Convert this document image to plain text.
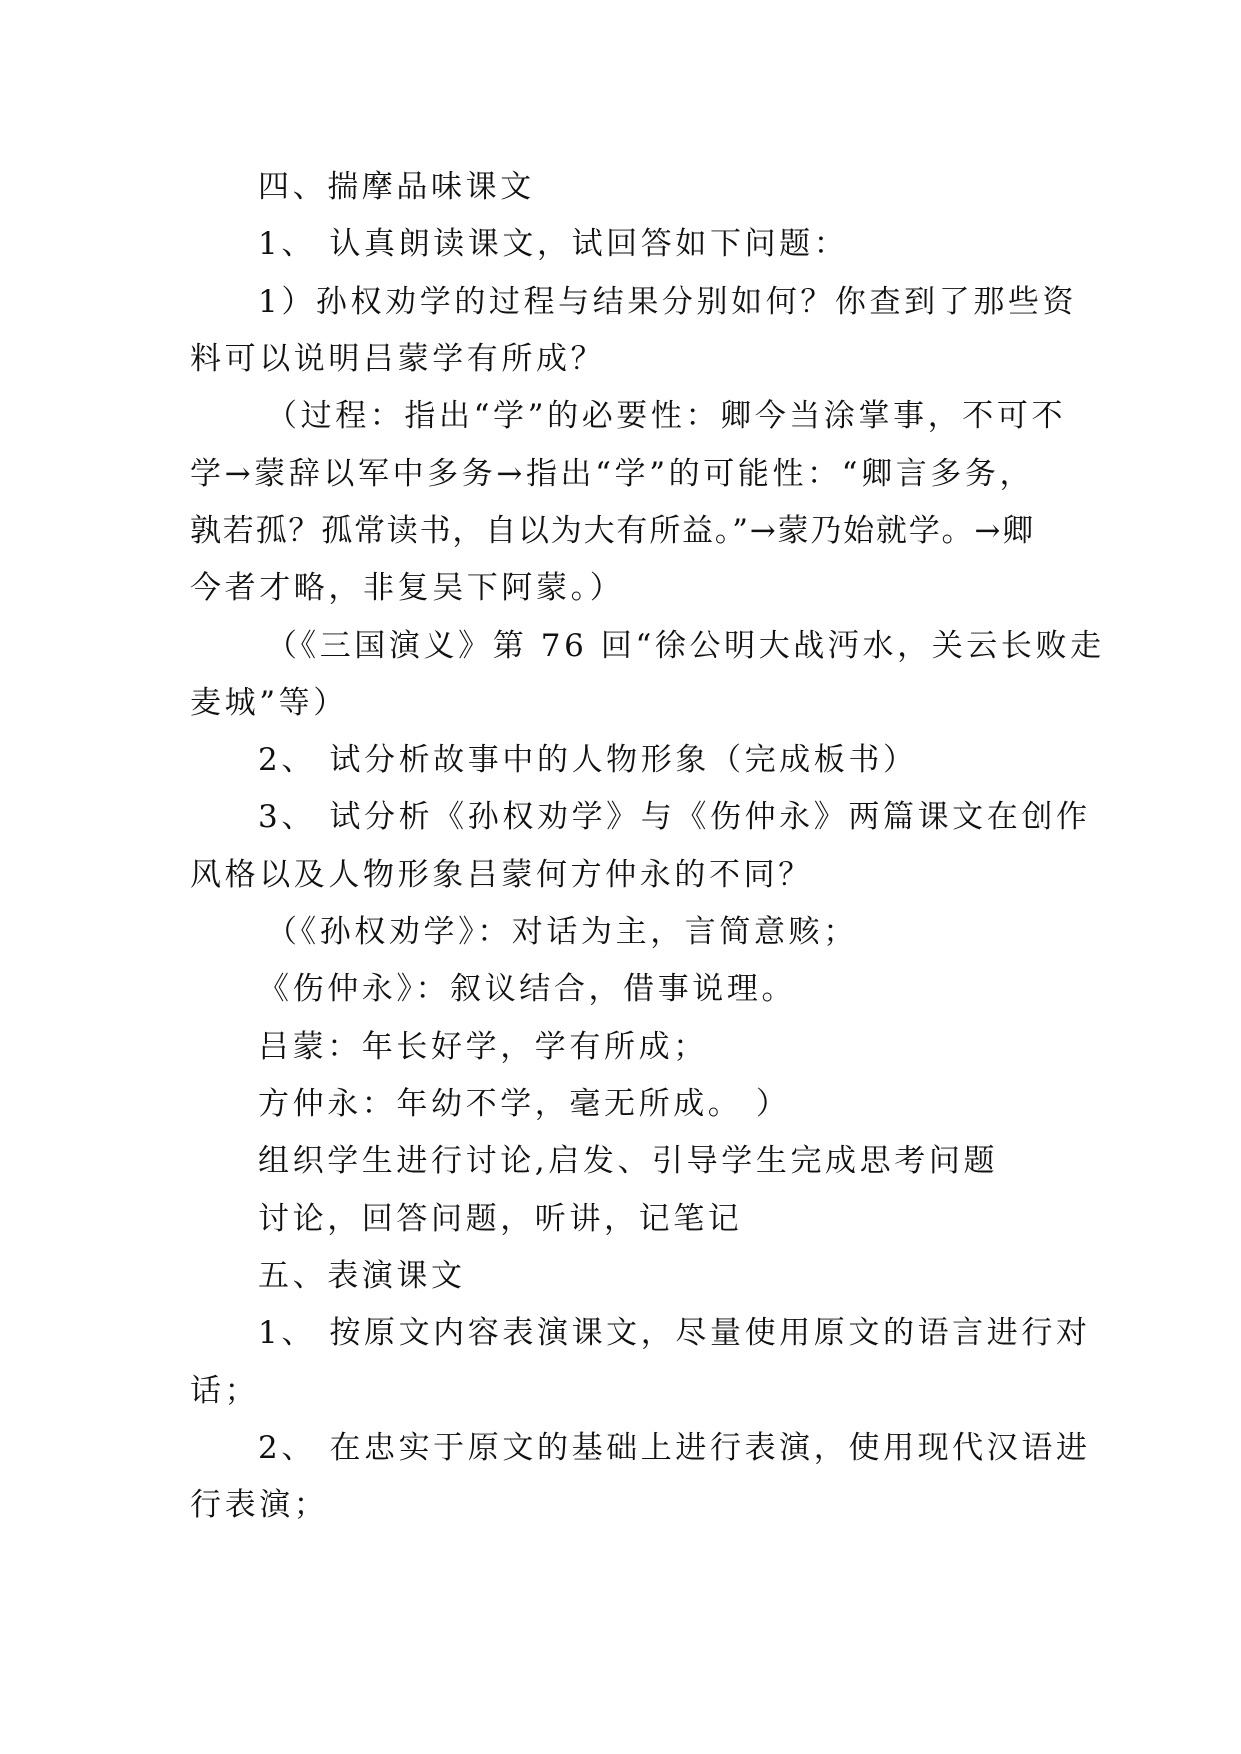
四、揣摩品味课文
1、 认真朗读课文，试回答如下问题：
1）孙权劝学的过程与结果分别如何？你查到了那些资
料可以说明吕蒙学有所成？
（过程：指出“学”的必要性：卿今当涂掌事，不可不
学→蒙辞以军中多务→指出“学”的可能性：“卿言多务，
孰若孤？孤常读书，自以为大有所益。”→蒙乃始就学。→卿
今者才略，非复吴下阿蒙。）
（《三国演义》第 76 回“徐公明大战沔水，关云长败走
麦城”等）
2、 试分析故事中的人物形象（完成板书）
3、 试分析《孙权劝学》与《伤仲永》两篇课文在创作
风格以及人物形象吕蒙何方仲永的不同？
（《孙权劝学》：对话为主，言简意赅；
《伤仲永》：叙议结合，借事说理。
吕蒙：年长好学，学有所成；
方仲永：年幼不学，毫无所成。 ）
组织学生进行讨论,启发、引导学生完成思考问题
讨论，回答问题，听讲，记笔记
五、表演课文
1、 按原文内容表演课文，尽量使用原文的语言进行对
话；
2、 在忠实于原文的基础上进行表演，使用现代汉语进
行表演；
